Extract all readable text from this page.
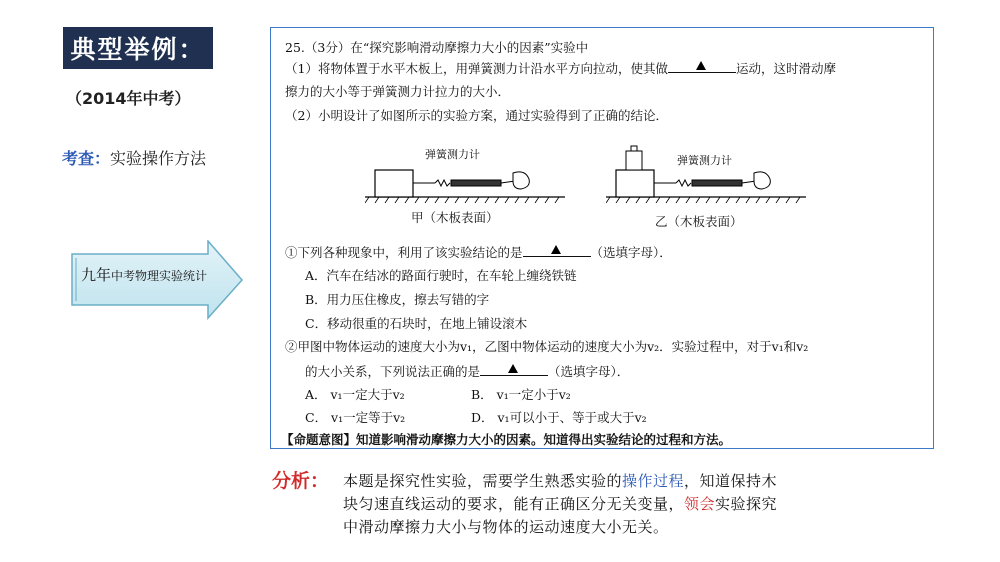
典型举例：
（2014年中考）
考查：实验操作方法
九年中考物理实验统计
25.（3分）在“探究影响滑动摩擦力大小的因素”实验中
（1）将物体置于水平木板上，用弹簧测力计沿水平方向拉动，使其做	运动，这时滑动摩
擦力的大小等于弹簧测力计拉力的大小．
（2）小明设计了如图所示的实验方案，通过实验得到了正确的结论．
弹簧测力计
甲（木板表面）
弹簧测力计
乙（木板表面）
①下列各种现象中，利用了该实验结论的是	（选填字母）．
A．汽车在结冰的路面行驶时，在车轮上缠绕铁链
B．用力压住橡皮，擦去写错的字
C．移动很重的石块时，在地上铺设滚木
②甲图中物体运动的速度大小为v₁，乙图中物体运动的速度大小为v₂．实验过程中，对于v₁和v₂
的大小关系，下列说法正确的是	（选填字母）．
A． v₁一定大于v₂	B． v₁一定小于v₂
C． v₁一定等于v₂	D． v₁可以小于、等于或大于v₂
【命题意图】知道影响滑动摩擦力大小的因素。知道得出实验结论的过程和方法。
分析： 本题是探究性实验，需要学生熟悉实验的操作过程，知道保持木
块匀速直线运动的要求，能有正确区分无关变量，领会实验探究
中滑动摩擦力大小与物体的运动速度大小无关。
